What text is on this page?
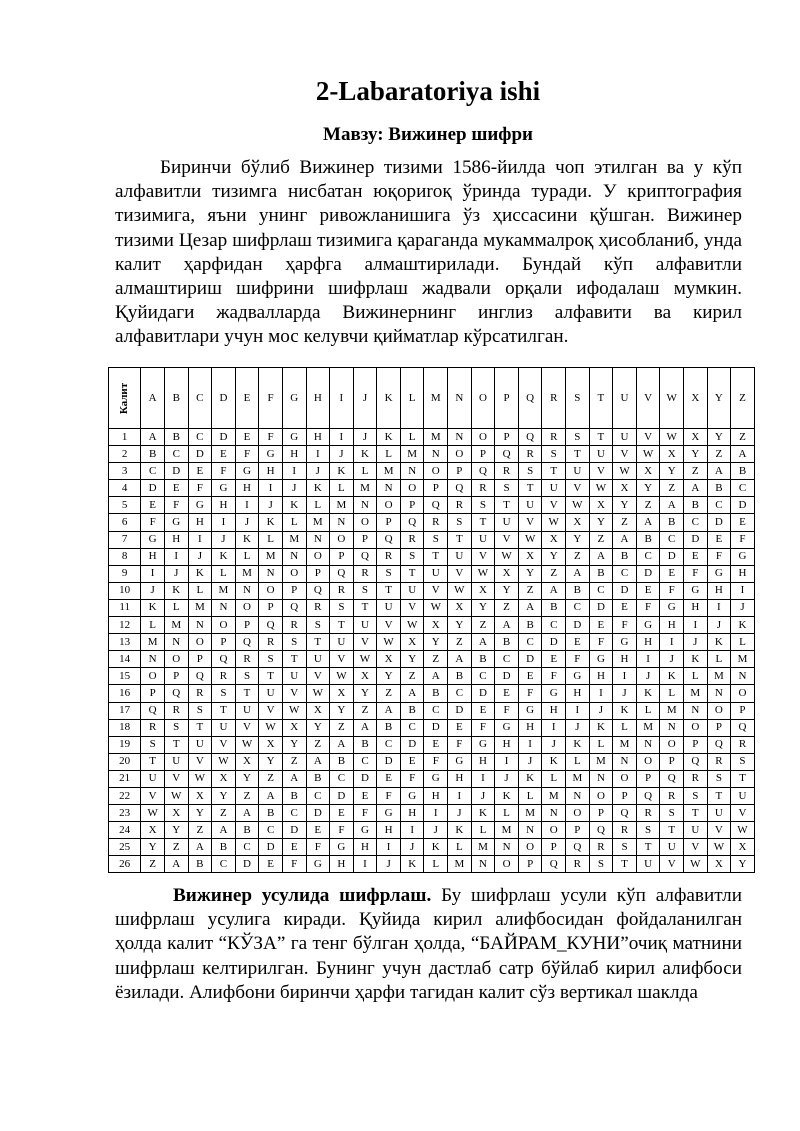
2-Labaratoriya ishi
Мавзу: Вижинер шифри

Биринчи бўлиб Вижинер тизими 1586-йилда чоп этилган ва у кўп алфавитли тизимга нисбатан юқориroқ ўринда туради. У криптография тизимига, яъни унинг ривожланишига ўз ҳиссасини қўшган. Вижинер тизими Цезар шифрлаш тизимига қараганда мукаммалроқ ҳисобланиб, унда калит ҳарфидан ҳарфга алмаштирилади. Бундай кўп алфавитли алмаштириш шифрини шифрлаш жадвали орқали ифодалаш мумкин. Қуйидаги жадвалларда Вижинернинг инглиз алфавити ва кирил алфавитлари учун мос келувчи қийматлар кўрсатилган.

Калит	A	B	C	D	E	F	G	H	I	J	K	L	M	N	O	P	Q	R	S	T	U	V	W	X	Y	Z
1	A	B	C	D	E	F	G	H	I	J	K	L	M	N	O	P	Q	R	S	T	U	V	W	X	Y	Z
2	B	C	D	E	F	G	H	I	J	K	L	M	N	O	P	Q	R	S	T	U	V	W	X	Y	Z	A
3	C	D	E	F	G	H	I	J	K	L	M	N	O	P	Q	R	S	T	U	V	W	X	Y	Z	A	B
4	D	E	F	G	H	I	J	K	L	M	N	O	P	Q	R	S	T	U	V	W	X	Y	Z	A	B	C
5	E	F	G	H	I	J	K	L	M	N	O	P	Q	R	S	T	U	V	W	X	Y	Z	A	B	C	D
6	F	G	H	I	J	K	L	M	N	O	P	Q	R	S	T	U	V	W	X	Y	Z	A	B	C	D	E
7	G	H	I	J	K	L	M	N	O	P	Q	R	S	T	U	V	W	X	Y	Z	A	B	C	D	E	F
8	H	I	J	K	L	M	N	O	P	Q	R	S	T	U	V	W	X	Y	Z	A	B	C	D	E	F	G
9	I	J	K	L	M	N	O	P	Q	R	S	T	U	V	W	X	Y	Z	A	B	C	D	E	F	G	H
10	J	K	L	M	N	O	P	Q	R	S	T	U	V	W	X	Y	Z	A	B	C	D	E	F	G	H	I
11	K	L	M	N	O	P	Q	R	S	T	U	V	W	X	Y	Z	A	B	C	D	E	F	G	H	I	J
12	L	M	N	O	P	Q	R	S	T	U	V	W	X	Y	Z	A	B	C	D	E	F	G	H	I	J	K
13	M	N	O	P	Q	R	S	T	U	V	W	X	Y	Z	A	B	C	D	E	F	G	H	I	J	K	L
14	N	O	P	Q	R	S	T	U	V	W	X	Y	Z	A	B	C	D	E	F	G	H	I	J	K	L	M
15	O	P	Q	R	S	T	U	V	W	X	Y	Z	A	B	C	D	E	F	G	H	I	J	K	L	M	N
16	P	Q	R	S	T	U	V	W	X	Y	Z	A	B	C	D	E	F	G	H	I	J	K	L	M	N	O
17	Q	R	S	T	U	V	W	X	Y	Z	A	B	C	D	E	F	G	H	I	J	K	L	M	N	O	P
18	R	S	T	U	V	W	X	Y	Z	A	B	C	D	E	F	G	H	I	J	K	L	M	N	O	P	Q
19	S	T	U	V	W	X	Y	Z	A	B	C	D	E	F	G	H	I	J	K	L	M	N	O	P	Q	R
20	T	U	V	W	X	Y	Z	A	B	C	D	E	F	G	H	I	J	K	L	M	N	O	P	Q	R	S
21	U	V	W	X	Y	Z	A	B	C	D	E	F	G	H	I	J	K	L	M	N	O	P	Q	R	S	T
22	V	W	X	Y	Z	A	B	C	D	E	F	G	H	I	J	K	L	M	N	O	P	Q	R	S	T	U
23	W	X	Y	Z	A	B	C	D	E	F	G	H	I	J	K	L	M	N	O	P	Q	R	S	T	U	V
24	X	Y	Z	A	B	C	D	E	F	G	H	I	J	K	L	M	N	O	P	Q	R	S	T	U	V	W
25	Y	Z	A	B	C	D	E	F	G	H	I	J	K	L	M	N	O	P	Q	R	S	T	U	V	W	X
26	Z	A	B	C	D	E	F	G	H	I	J	K	L	M	N	O	P	Q	R	S	T	U	V	W	X	Y

Вижинер усулида шифрлаш. Бу шифрлаш усули кўп алфавитли шифрлаш усулига киради. Қуйида кирил алифбосидан фойдаланилган ҳолда калит “КЎЗА” га тенг бўлган ҳолда, “БАЙРАМ_КУНИ”очиқ матнини шифрлаш келтирилган. Бунинг учун дастлаб сатр бўйлаб кирил алифбоси ёзилади. Алифбони биринчи ҳарфи тагидан калит сўз вертикал шаклда
